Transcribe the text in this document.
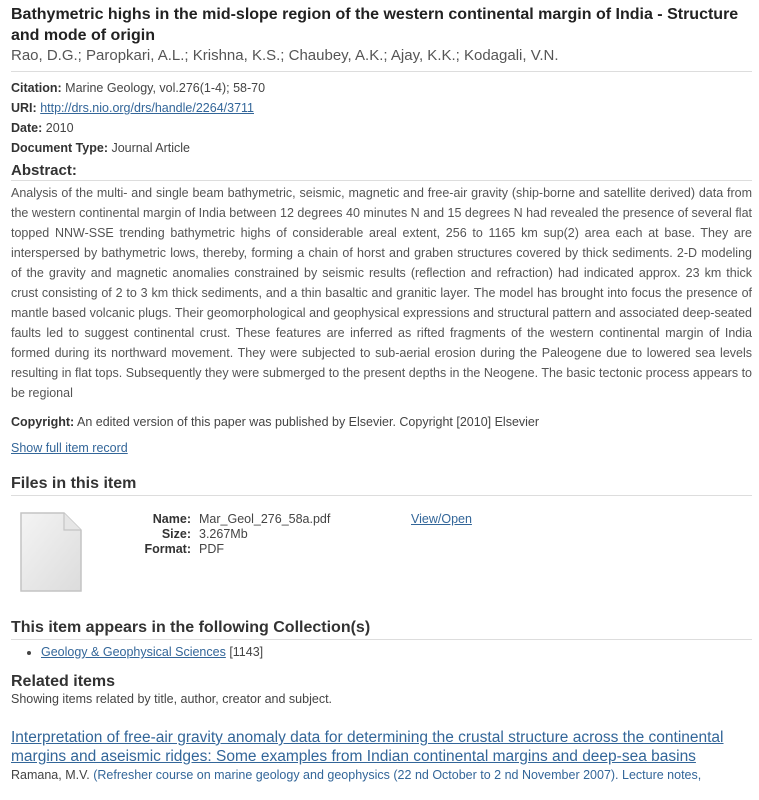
Bathymetric highs in the mid-slope region of the western continental margin of India - Structure and mode of origin
Rao, D.G.; Paropkari, A.L.; Krishna, K.S.; Chaubey, A.K.; Ajay, K.K.; Kodagali, V.N.
Citation: Marine Geology, vol.276(1-4); 58-70
URI: http://drs.nio.org/drs/handle/2264/3711
Date: 2010
Document Type: Journal Article
Abstract:
Analysis of the multi- and single beam bathymetric, seismic, magnetic and free-air gravity (ship-borne and satellite derived) data from the western continental margin of India between 12 degrees 40 minutes N and 15 degrees N had revealed the presence of several flat topped NNW-SSE trending bathymetric highs of considerable areal extent, 256 to 1165 km sup(2) area each at base. They are interspersed by bathymetric lows, thereby, forming a chain of horst and graben structures covered by thick sediments. 2-D modeling of the gravity and magnetic anomalies constrained by seismic results (reflection and refraction) had indicated approx. 23 km thick crust consisting of 2 to 3 km thick sediments, and a thin basaltic and granitic layer. The model has brought into focus the presence of mantle based volcanic plugs. Their geomorphological and geophysical expressions and structural pattern and associated deep-seated faults led to suggest continental crust. These features are inferred as rifted fragments of the western continental margin of India formed during its northward movement. They were subjected to sub-aerial erosion during the Paleogene due to lowered sea levels resulting in flat tops. Subsequently they were submerged to the present depths in the Neogene. The basic tectonic process appears to be regional
Copyright: An edited version of this paper was published by Elsevier. Copyright [2010] Elsevier
Show full item record
Files in this item
Name:
Size:
Format:
Mar_Geol_276_58a.pdf
3.267Mb
PDF
View/Open
This item appears in the following Collection(s)
• Geology & Geophysical Sciences [1143]
Related items
Showing items related by title, author, creator and subject.
Interpretation of free-air gravity anomaly data for determining the crustal structure across the continental margins and aseismic ridges: Some examples from Indian continental margins and deep-sea basins
Ramana, M.V. (Refresher course on marine geology and geophysics (22 nd October to 2 nd November 2007). Lecture notes,
